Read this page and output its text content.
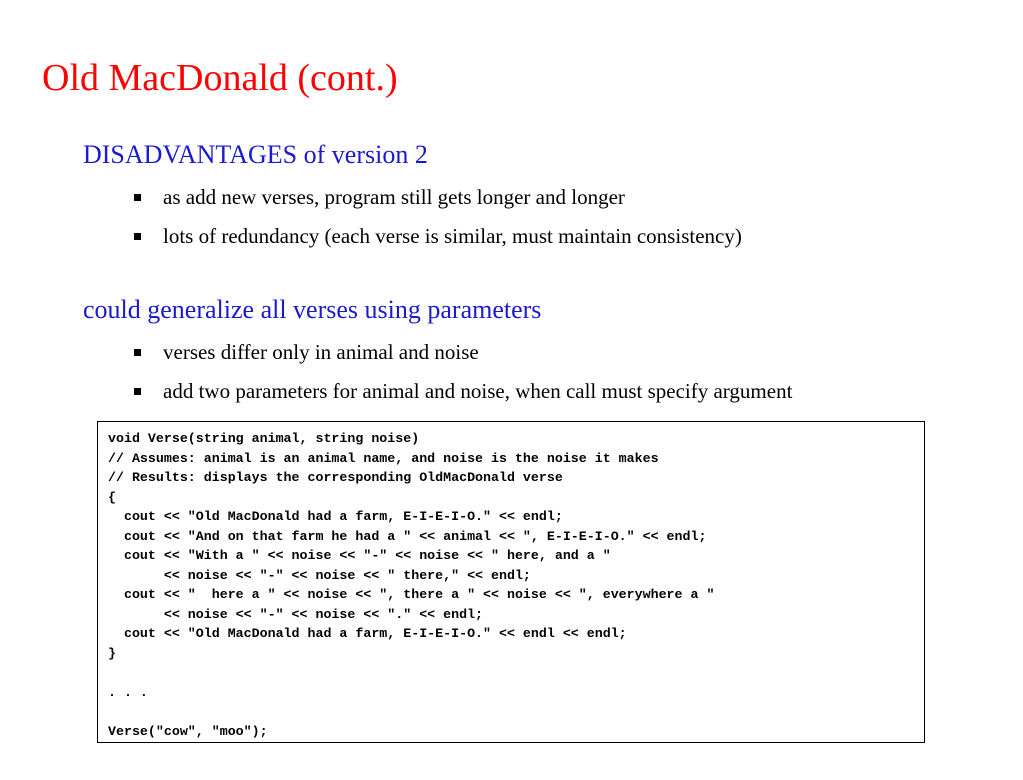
Old MacDonald (cont.)
DISADVANTAGES of version 2
as add new verses, program still gets longer and longer
lots of redundancy (each verse is similar, must maintain consistency)
could generalize all verses using parameters
verses differ only in animal and noise
add two parameters for animal and noise, when call must specify argument
void Verse(string animal, string noise)
// Assumes: animal is an animal name, and noise is the noise it makes
// Results: displays the corresponding OldMacDonald verse
{
cout << "Old MacDonald had a farm, E-I-E-I-O." << endl;
cout << "And on that farm he had a " << animal << ", E-I-E-I-O." << endl;
cout << "With a " << noise << "-" << noise << " here, and a "
<< noise << "-" << noise << " there," << endl;
cout << "  here a " << noise << ", there a " << noise << ", everywhere a "
<< noise << "-" << noise << "." << endl;
cout << "Old MacDonald had a farm, E-I-E-I-O." << endl << endl;
}
. . .
Verse("cow", "moo");
